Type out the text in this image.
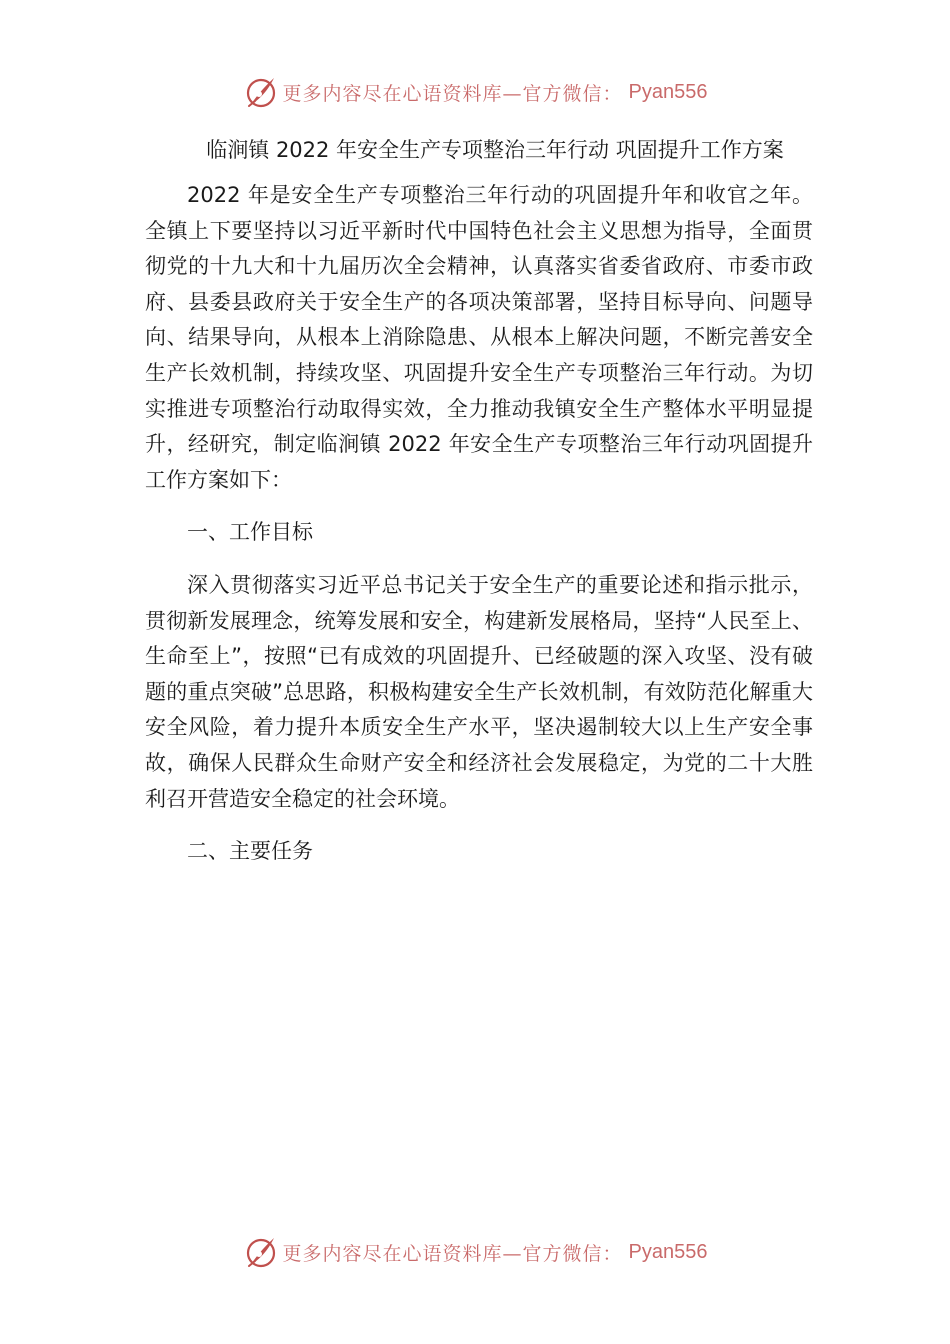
更多内容尽在心语资料库—官方微信： Pyan556
临涧镇 2022 年安全生产专项整治三年行动 巩固提升工作方案

2022 年是安全生产专项整治三年行动的巩固提升年和收官之年。全镇上下要坚持以习近平新时代中国特色社会主义思想为指导，全面贯彻党的十九大和十九届历次全会精神，认真落实省委省政府、市委市政府、县委县政府关于安全生产的各项决策部署，坚持目标导向、问题导向、结果导向，从根本上消除隐患、从根本上解决问题，不断完善安全生产长效机制，持续攻坚、巩固提升安全生产专项整治三年行动。为切实推进专项整治行动取得实效，全力推动我镇安全生产整体水平明显提升，经研究，制定临涧镇 2022 年安全生产专项整治三年行动巩固提升工作方案如下：

一、工作目标

深入贯彻落实习近平总书记关于安全生产的重要论述和指示批示，贯彻新发展理念，统筹发展和安全，构建新发展格局，坚持“人民至上、生命至上”，按照“已有成效的巩固提升、已经破题的深入攻坚、没有破题的重点突破”总思路，积极构建安全生产长效机制，有效防范化解重大安全风险，着力提升本质安全生产水平，坚决遏制较大以上生产安全事故，确保人民群众生命财产安全和经济社会发展稳定，为党的二十大胜利召开营造安全稳定的社会环境。

二、主要任务

更多内容尽在心语资料库—官方微信： Pyan556
